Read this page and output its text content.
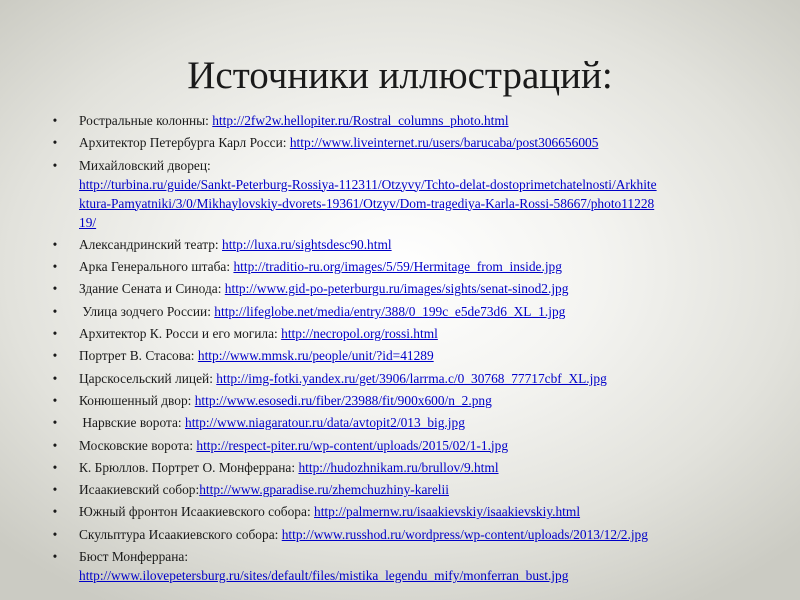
Источники иллюстраций:
• Ростральные колонны: http://2fw2w.hellopiter.ru/Rostral_columns_photo.html
• Архитектор Петербурга Карл Росси: http://www.liveinternet.ru/users/barucaba/post306656005
• Михайловский дворец:
http://turbina.ru/guide/Sankt-Peterburg-Rossiya-112311/Otzyvy/Tchto-delat-dostoprimetchatelnosti/Arkhite
ktura-Pamyatniki/3/0/Mikhaylovskiy-dvorets-19361/Otzyv/Dom-tragediya-Karla-Rossi-58667/photo11228
19/
• Александринский театр: http://luxa.ru/sightsdesc90.html
• Арка Генерального штаба: http://traditio-ru.org/images/5/59/Hermitage_from_inside.jpg
• Здание Сената и Синода: http://www.gid-po-peterburgu.ru/images/sights/senat-sinod2.jpg
• Улица зодчего России: http://lifeglobe.net/media/entry/388/0_199c_e5de73d6_XL_1.jpg
• Архитектор К. Росси и его могила: http://necropol.org/rossi.html
• Портрет В. Стасова: http://www.mmsk.ru/people/unit/?id=41289
• Царскосельский лицей: http://img-fotki.yandex.ru/get/3906/larrma.c/0_30768_77717cbf_XL.jpg
• Конюшенный двор: http://www.esosedi.ru/fiber/23988/fit/900x600/n_2.png
• Нарвские ворота: http://www.niagaratour.ru/data/avtopit2/013_big.jpg
• Московские ворота: http://respect-piter.ru/wp-content/uploads/2015/02/1-1.jpg
• К. Брюллов. Портрет О. Монферрана: http://hudozhnikam.ru/brullov/9.html
• Исаакиевский собор:http://www.gparadise.ru/zhemchuzhiny-karelii
• Южный фронтон Исаакиевского собора: http://palmernw.ru/isaakievskiy/isaakievskiy.html
• Скульптура Исаакиевского собора: http://www.russhod.ru/wordpress/wp-content/uploads/2013/12/2.jpg
• Бюст Монферрана:
http://www.ilovepetersburg.ru/sites/default/files/mistika_legendu_mify/monferran_bust.jpg
